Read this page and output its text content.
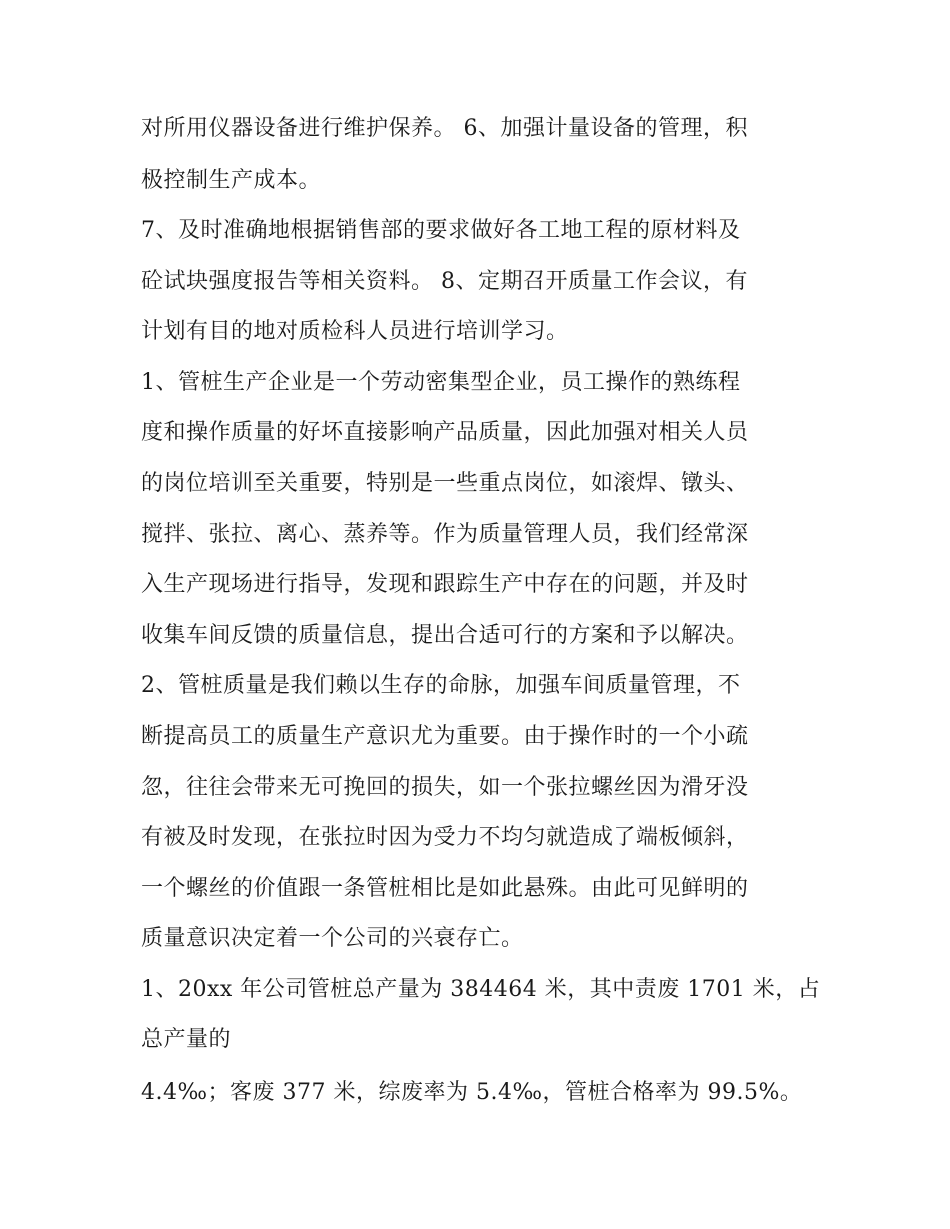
对所用仪器设备进行维护保养。 6、加强计量设备的管理，积
极控制生产成本。
7、及时准确地根据销售部的要求做好各工地工程的原材料及
砼试块强度报告等相关资料。 8、定期召开质量工作会议，有
计划有目的地对质检科人员进行培训学习。
1、管桩生产企业是一个劳动密集型企业，员工操作的熟练程
度和操作质量的好坏直接影响产品质量，因此加强对相关人员
的岗位培训至关重要，特别是一些重点岗位，如滚焊、镦头、
搅拌、张拉、离心、蒸养等。作为质量管理人员，我们经常深
入生产现场进行指导，发现和跟踪生产中存在的问题，并及时
收集车间反馈的质量信息，提出合适可行的方案和予以解决。
2、管桩质量是我们赖以生存的命脉，加强车间质量管理，不
断提高员工的质量生产意识尤为重要。由于操作时的一个小疏
忽，往往会带来无可挽回的损失，如一个张拉螺丝因为滑牙没
有被及时发现，在张拉时因为受力不均匀就造成了端板倾斜，
一个螺丝的价值跟一条管桩相比是如此悬殊。由此可见鲜明的
质量意识决定着一个公司的兴衰存亡。
1、20xx 年公司管桩总产量为 384464 米，其中责废 1701 米，占
总产量的
4.4‰；客废 377 米，综废率为 5.4‰，管桩合格率为 99.5%。
